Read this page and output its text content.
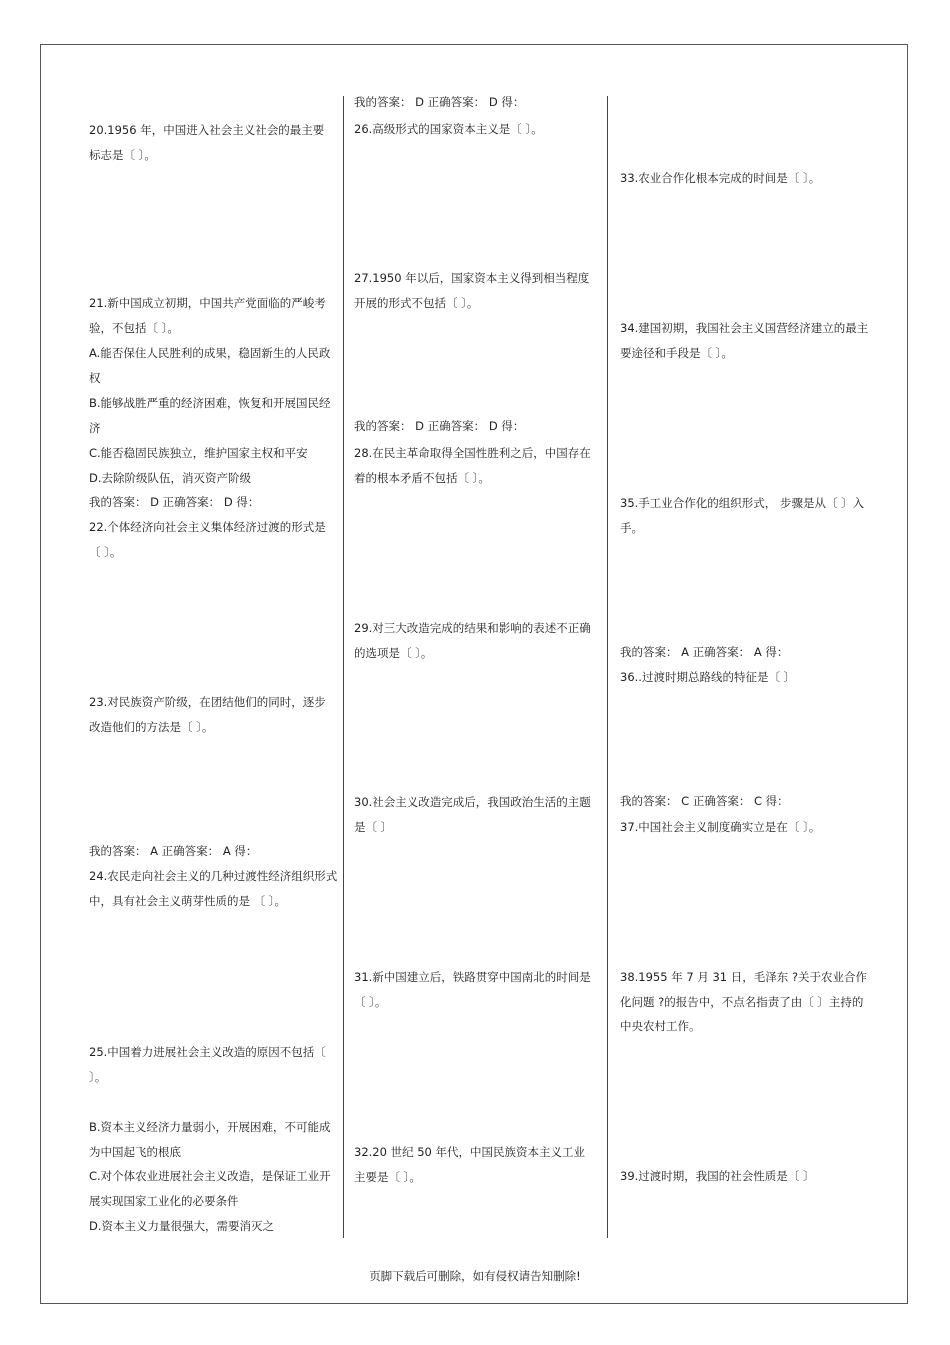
20.1956 年，中国进入社会主义社会的最主要标志是〔 〕。
21.新中国成立初期，中国共产党面临的严峻考验，不包括〔 〕。
A.能否保住人民胜利的成果，稳固新生的人民政权
B.能够战胜严重的经济困难，恢复和开展国民经济
C.能否稳固民族独立，维护国家主权和平安
D.去除阶级队伍，消灭资产阶级
我的答案： D 正确答案： D 得：
22.个体经济向社会主义集体经济过渡的形式是〔 〕。
23.对民族资产阶级，在团结他们的同时，逐步改造他们的方法是〔 〕。
我的答案： A 正确答案： A 得：
24.农民走向社会主义的几种过渡性经济组织形式中，具有社会主义萌芽性质的是 〔 〕。
25.中国着力进展社会主义改造的原因不包括〔 〕。
B.资本主义经济力量弱小，开展困难，不可能成为中国起飞的根底
C.对个体农业进展社会主义改造，是保证工业开展实现国家工业化的必要条件
D.资本主义力量很强大，需要消灭之
我的答案： D 正确答案： D 得：
26.高级形式的国家资本主义是〔 〕。
27.1950 年以后，国家资本主义得到相当程度开展的形式不包括〔 〕。
我的答案： D 正确答案： D 得：
28.在民主革命取得全国性胜利之后，中国存在着的根本矛盾不包括〔 〕。
29.对三大改造完成的结果和影响的表述不正确的选项是〔 〕。
30.社会主义改造完成后，我国政治生活的主题是〔 〕
31.新中国建立后，铁路贯穿中国南北的时间是〔 〕。
32.20 世纪 50 年代，中国民族资本主义工业主要是〔 〕。
33.农业合作化根本完成的时间是〔 〕。
34.建国初期，我国社会主义国营经济建立的最主要途径和手段是〔 〕。
35.手工业合作化的组织形式， 步骤是从〔 〕入手。
我的答案： A 正确答案： A 得：
36..过渡时期总路线的特征是〔 〕
我的答案： C 正确答案： C 得：
37.中国社会主义制度确实立是在〔 〕。
38.1955 年 7 月 31 日，毛泽东 ?关于农业合作化问题 ?的报告中，不点名指责了由〔 〕主持的中央农村工作。
39.过渡时期，我国的社会性质是〔 〕
页脚下载后可删除，如有侵权请告知删除!
